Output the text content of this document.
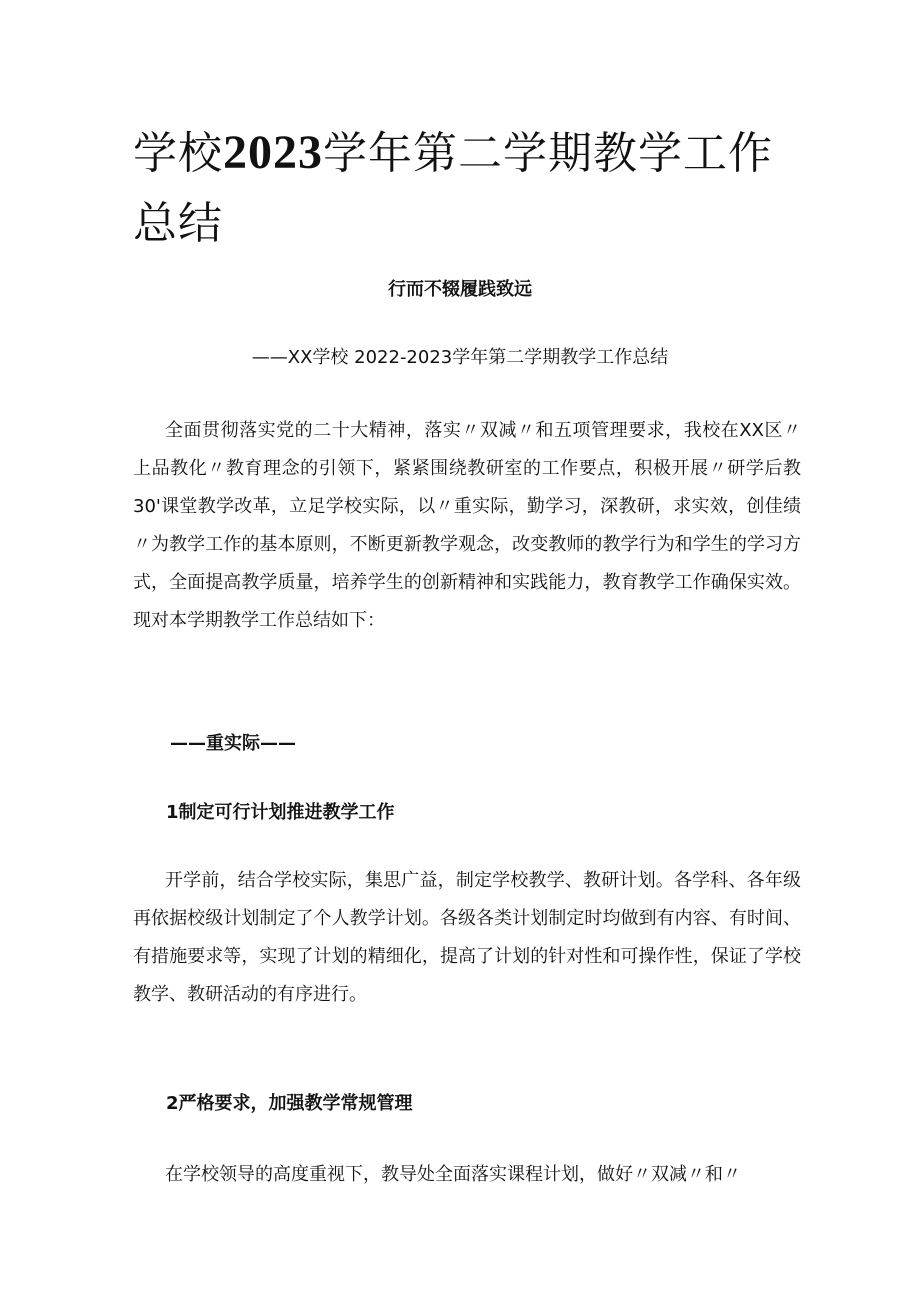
学校2023学年第二学期教学工作总结
行而不辍履践致远
——XX学校 2022-2023学年第二学期教学工作总结

全面贯彻落实党的二十大精神，落实〃双减〃和五项管理要求，我校在XX区〃上品教化〃教育理念的引领下，紧紧围绕教研室的工作要点，积极开展〃研学后教30'课堂教学改革，立足学校实际，以〃重实际，勤学习，深教研，求实效，创佳绩〃为教学工作的基本原则，不断更新教学观念，改变教师的教学行为和学生的学习方式，全面提高教学质量，培养学生的创新精神和实践能力，教育教学工作确保实效。现对本学期教学工作总结如下：

——重实际——
1制定可行计划推进教学工作

开学前，结合学校实际，集思广益，制定学校教学、教研计划。各学科、各年级再依据校级计划制定了个人教学计划。各级各类计划制定时均做到有内容、有时间、有措施要求等，实现了计划的精细化，提高了计划的针对性和可操作性，保证了学校教学、教研活动的有序进行。

2严格要求，加强教学常规管理

在学校领导的高度重视下，教导处全面落实课程计划，做好〃双减〃和〃
